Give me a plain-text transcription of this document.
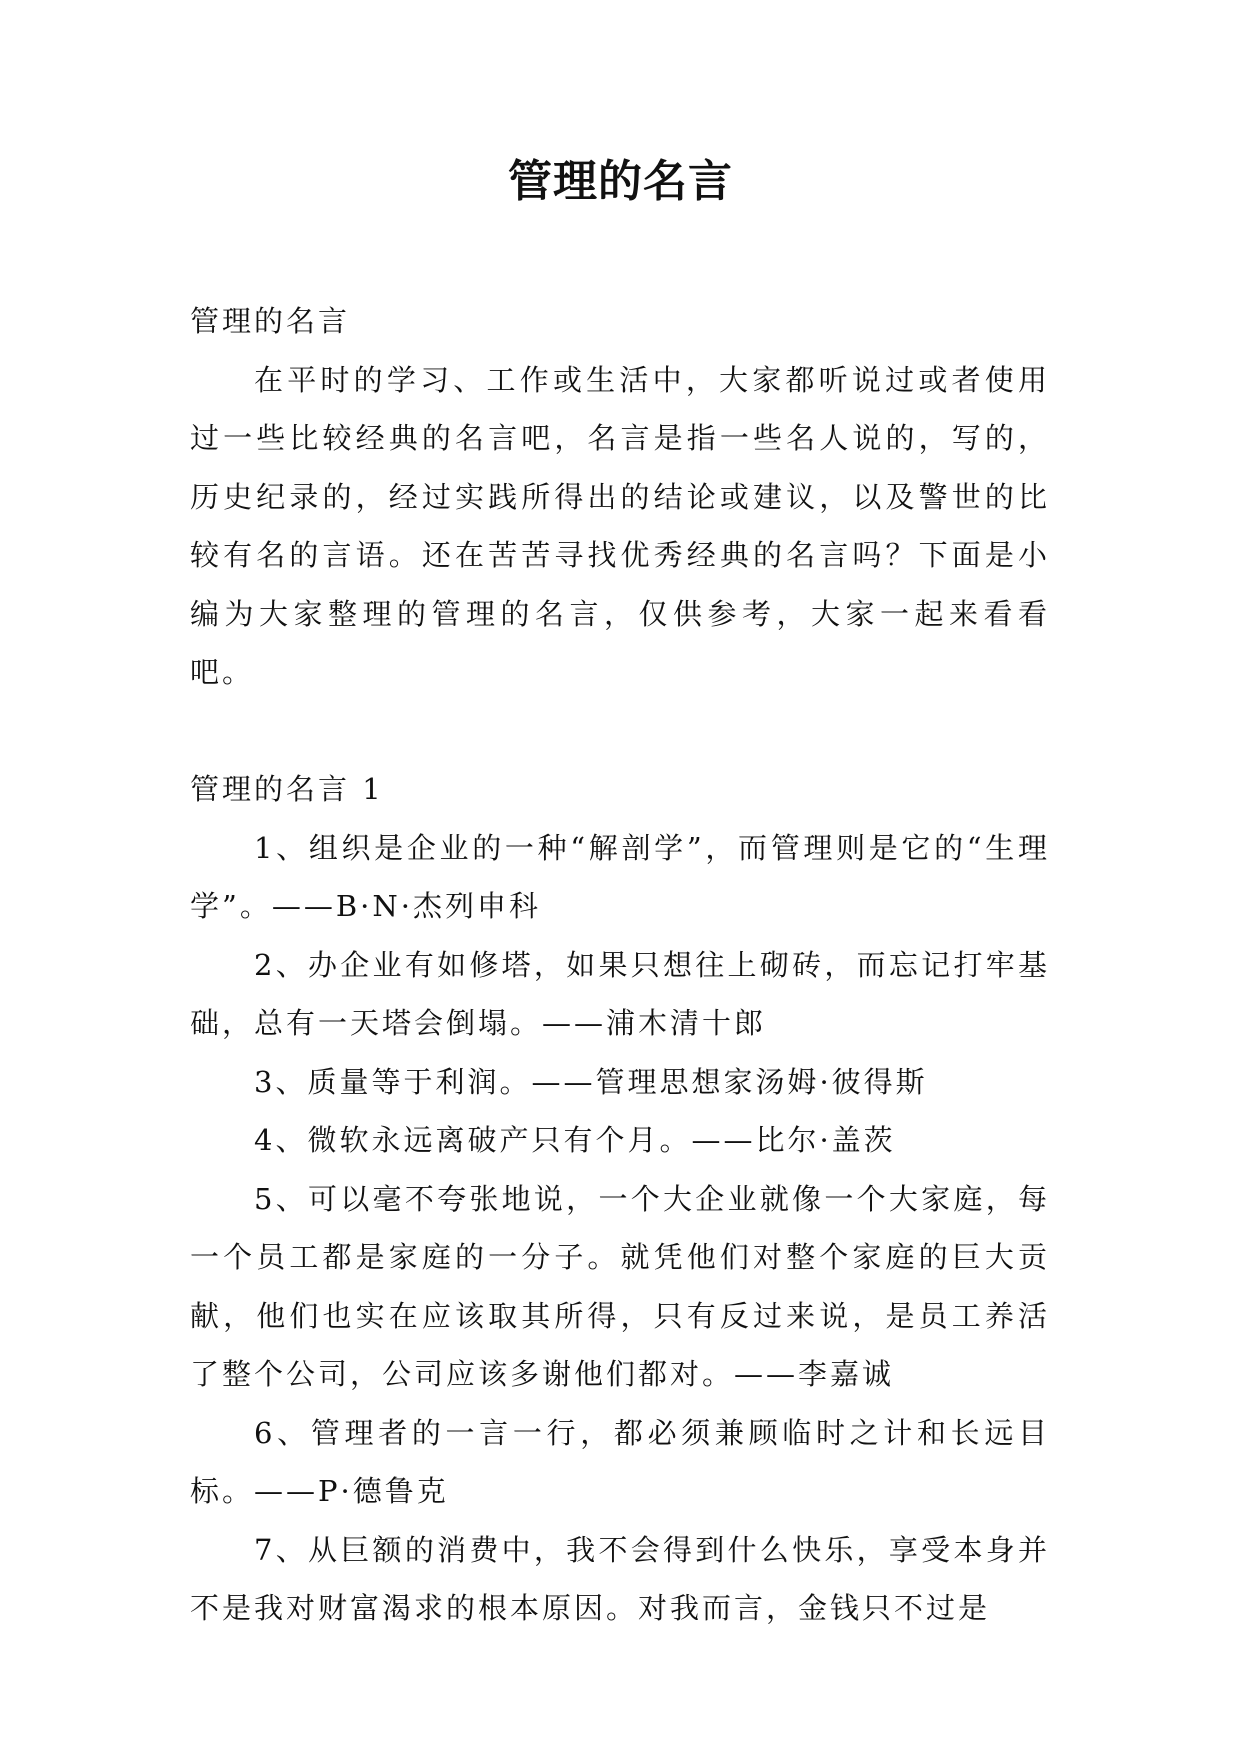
管理的名言

管理的名言

在平时的学习、工作或生活中，大家都听说过或者使用过一些比较经典的名言吧，名言是指一些名人说的，写的，历史纪录的，经过实践所得出的结论或建议，以及警世的比较有名的言语。还在苦苦寻找优秀经典的名言吗？下面是小编为大家整理的管理的名言，仅供参考，大家一起来看看吧。

管理的名言 1

1、组织是企业的一种“解剖学”，而管理则是它的“生理学”。——B·N·杰列申科

2、办企业有如修塔，如果只想往上砌砖，而忘记打牢基础，总有一天塔会倒塌。——浦木清十郎

3、质量等于利润。——管理思想家汤姆·彼得斯

4、微软永远离破产只有个月。——比尔·盖茨

5、可以毫不夸张地说，一个大企业就像一个大家庭，每一个员工都是家庭的一分子。就凭他们对整个家庭的巨大贡献，他们也实在应该取其所得，只有反过来说，是员工养活了整个公司，公司应该多谢他们都对。——李嘉诚

6、管理者的一言一行，都必须兼顾临时之计和长远目标。——P·德鲁克

7、从巨额的消费中，我不会得到什么快乐，享受本身并不是我对财富渴求的根本原因。对我而言，金钱只不过是
